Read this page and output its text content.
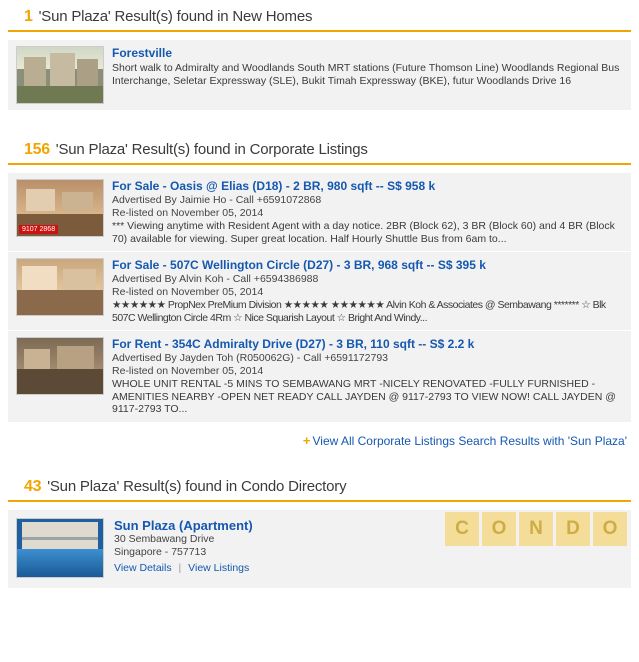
1 'Sun Plaza' Result(s) found in New Homes
Forestville
Short walk to Admiralty and Woodlands South MRT stations (Future Thomson Line) Woodlands Regional Bus Interchange, Seletar Expressway (SLE), Bukit Timah Expressway (BKE), futur Woodlands Drive 16
156 'Sun Plaza' Result(s) found in Corporate Listings
9107 2868
For Sale - Oasis @ Elias (D18) - 2 BR, 980 sqft -- S$ 958 k
Advertised By Jaimie Ho - Call +6591072868
Re-listed on November 05, 2014
*** Viewing anytime with Resident Agent with a day notice. 2BR (Block 62), 3 BR (Block 60) and 4 BR (Block 70) available for viewing. Super great location. Half Hourly Shuttle Bus from 6am to...
For Sale - 507C Wellington Circle (D27) - 3 BR, 968 sqft -- S$ 395 k
Advertised By Alvin Koh - Call +6594386988
Re-listed on November 05, 2014
★★★★★★ PropNex PreMium Division ★★★★★ ★★★★★★ Alvin Koh & Associates @ Sembawang ******* ☆ Blk 507C Wellington Circle 4Rm ☆ Nice Squarish Layout ☆ Bright And Windy...
For Rent - 354C Admiralty Drive (D27) - 3 BR, 110 sqft -- S$ 2.2 k
Advertised By Jayden Toh (R050062G) - Call +6591172793
Re-listed on November 05, 2014
WHOLE UNIT RENTAL -5 MINS TO SEMBAWANG MRT -NICELY RENOVATED -FULLY FURNISHED -AMENITIES NEARBY -OPEN NET READY CALL JAYDEN @ 9117-2793 TO VIEW NOW! CALL JAYDEN @ 9117-2793 TO...
+ View All Corporate Listings Search Results with 'Sun Plaza'
43 'Sun Plaza' Result(s) found in Condo Directory
Sun Plaza (Apartment)
30 Sembawang Drive
Singapore - 757713
View Details | View Listings
C	O	N	D	O
